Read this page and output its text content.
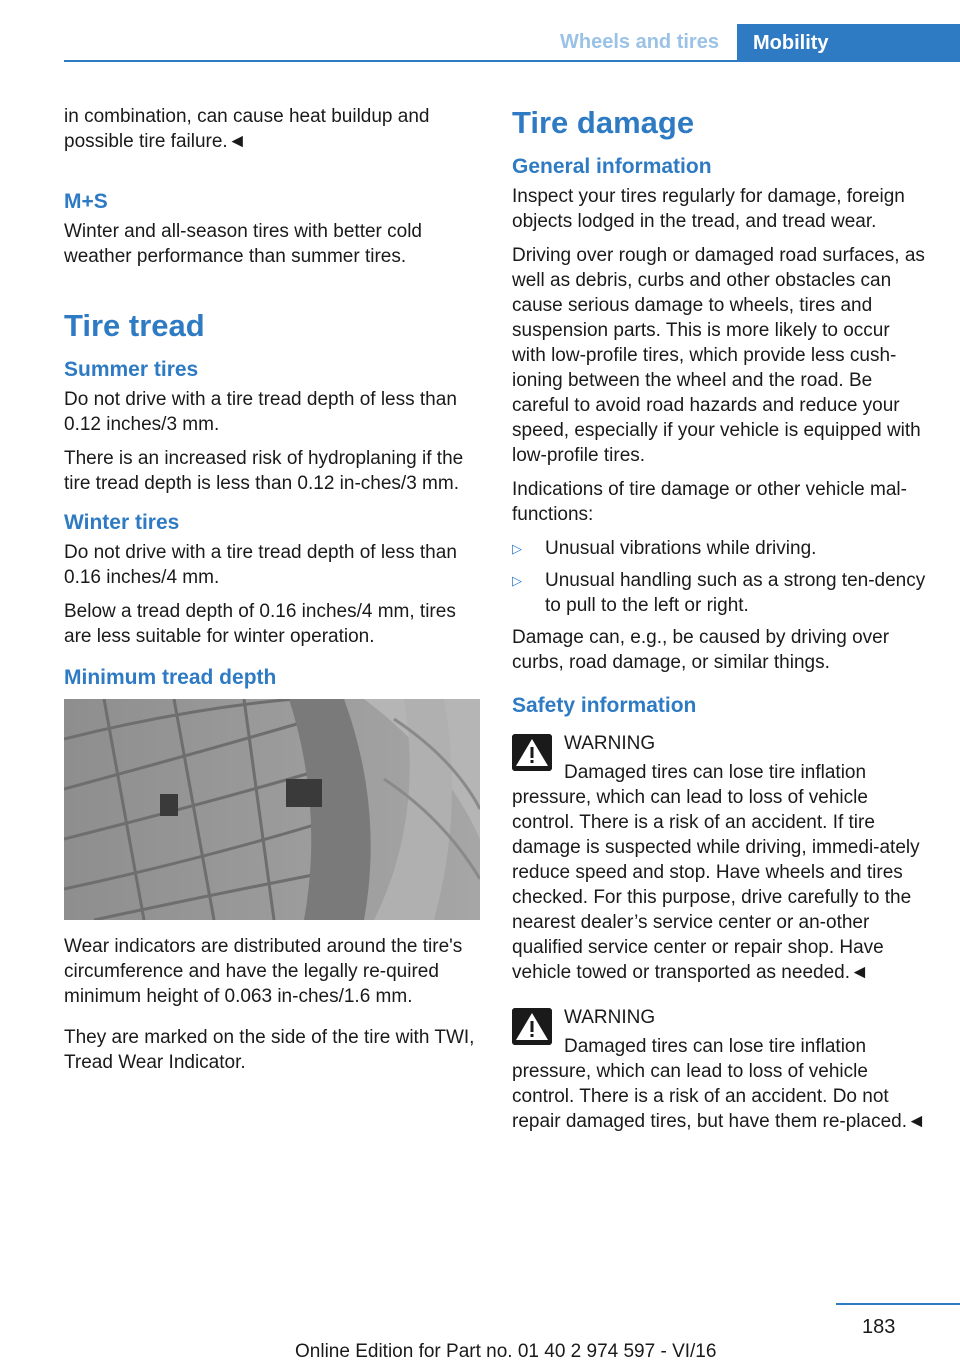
Wheels and tires	Mobility

in combination, can cause heat buildup and possible tire failure.◄

M+S

Winter and all-season tires with better cold weather performance than summer tires.

Tire tread
Summer tires

Do not drive with a tire tread depth of less than 0.12 inches/3 mm.

There is an increased risk of hydroplaning if the tire tread depth is less than 0.12 in‐ches/3 mm.

Winter tires

Do not drive with a tire tread depth of less than 0.16 inches/4 mm.

Below a tread depth of 0.16 inches/4 mm, tires are less suitable for winter operation.

Minimum tread depth

Wear indicators are distributed around the tire's circumference and have the legally re‐quired minimum height of 0.063 in‐ches/1.6 mm.

They are marked on the side of the tire with TWI, Tread Wear Indicator.

Tire damage
General information

Inspect your tires regularly for damage, foreign objects lodged in the tread, and tread wear.

Driving over rough or damaged road surfaces, as well as debris, curbs and other obstacles can cause serious damage to wheels, tires and suspension parts. This is more likely to occur with low-profile tires, which provide less cush‐ioning between the wheel and the road. Be careful to avoid road hazards and reduce your speed, especially if your vehicle is equipped with low-profile tires.

Indications of tire damage or other vehicle mal‐functions:

▷	Unusual vibrations while driving.
▷	Unusual handling such as a strong ten‐dency to pull to the left or right.

Damage can, e.g., be caused by driving over curbs, road damage, or similar things.

Safety information

WARNING

Damaged tires can lose tire inflation

pressure, which can lead to loss of vehicle control. There is a risk of an accident. If tire damage is suspected while driving, immedi‐ately reduce speed and stop. Have wheels and tires checked. For this purpose, drive carefully to the nearest dealer’s service center or an‐other qualified service center or repair shop. Have vehicle towed or transported as needed.◄

WARNING

Damaged tires can lose tire inflation

pressure, which can lead to loss of vehicle control. There is a risk of an accident. Do not repair damaged tires, but have them re‐placed.◄

183
Online Edition for Part no. 01 40 2 974 597 - VI/16
